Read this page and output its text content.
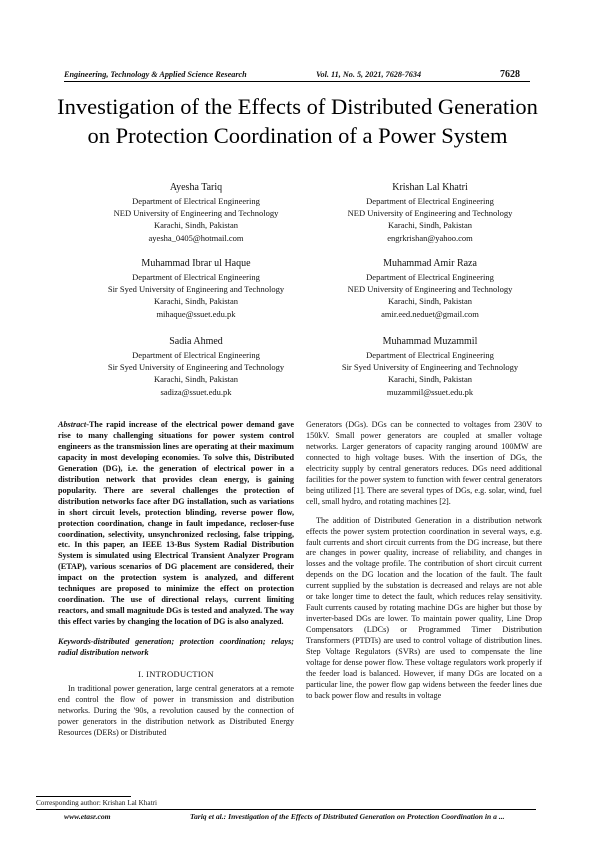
Engineering, Technology & Applied Science Research	Vol. 11, No. 5, 2021, 7628-7634	7628
Investigation of the Effects of Distributed Generation
on Protection Coordination of a Power System
Ayesha Tariq
Department of Electrical Engineering
NED University of Engineering and Technology
Karachi, Sindh, Pakistan
ayesha_0405@hotmail.com
Krishan Lal Khatri
Department of Electrical Engineering
NED University of Engineering and Technology
Karachi, Sindh, Pakistan
engrkrishan@yahoo.com
Muhammad Ibrar ul Haque
Department of Electrical Engineering
Sir Syed University of Engineering and Technology
Karachi, Sindh, Pakistan
mihaque@ssuet.edu.pk
Muhammad Amir Raza
Department of Electrical Engineering
NED University of Engineering and Technology
Karachi, Sindh, Pakistan
amir.eed.neduet@gmail.com
Sadia Ahmed
Department of Electrical Engineering
Sir Syed University of Engineering and Technology
Karachi, Sindh, Pakistan
sadiza@ssuet.edu.pk
Muhammad Muzammil
Department of Electrical Engineering
Sir Syed University of Engineering and Technology
Karachi, Sindh, Pakistan
muzammil@ssuet.edu.pk

Abstract-The rapid increase of the electrical power demand gave rise to many challenging situations for power system control engineers as the transmission lines are operating at their maximum capacity in most developing economies. To solve this, Distributed Generation (DG), i.e. the generation of electrical power in a distribution network that provides clean energy, is gaining popularity. There are several challenges the protection of distribution networks face after DG installation, such as variations in short circuit levels, protection blinding, reverse power flow, protection coordination, change in fault impedance, recloser-fuse coordination, selectivity, unsynchronized reclosing, false tripping, etc. In this paper, an IEEE 13-Bus System Radial Distribution System is simulated using Electrical Transient Analyzer Program (ETAP), various scenarios of DG placement are considered, their impact on the protection system is analyzed, and different techniques are proposed to minimize the effect on protection coordination. The use of directional relays, current limiting reactors, and small magnitude DGs is tested and analyzed. The way this effect varies by changing the location of DG is also analyzed.

Keywords-distributed generation; protection coordination; relays; radial distribution network

I. INTRODUCTION

In traditional power generation, large central generators at a remote end control the flow of power in transmission and distribution networks. During the '90s, a revolution caused by the connection of power generators in the distribution network as Distributed Energy Resources (DERs) or Distributed

Generators (DGs). DGs can be connected to voltages from 230V to 150kV. Small power generators are coupled at smaller voltage networks. Larger generators of capacity ranging around 100MW are connected to high voltage buses. With the insertion of DGs, the electricity supply by central generators reduces. DGs need additional facilities for the power system to function with fewer central generators being utilized [1]. There are several types of DGs, e.g. solar, wind, fuel cell, small hydro, and rotating machines [2].

The addition of Distributed Generation in a distribution network effects the power system protection coordination in several ways, e.g. fault currents and short circuit currents from the DG increase, but there are changes in power quality, increase of reliability, and changes in losses and the voltage profile. The contribution of short circuit current depends on the DG location and the location of the fault. The fault current supplied by the substation is decreased and relays are not able or take longer time to detect the fault, which reduces relay sensitivity. Fault currents caused by rotating machine DGs are higher but those by inverter-based DGs are lower. To maintain power quality, Line Drop Compensators (LDCs) or Programmed Timer Distribution Transformers (PTDTs) are used to control voltage of distribution lines. Step Voltage Regulators (SVRs) are used to compensate the line voltage for dense power flow. These voltage regulators work properly if the feeder load is balanced. However, if many DGs are located on a particular line, the power flow gap widens between the feeder lines due to back power flow and results in voltage

Corresponding author: Krishan Lal Khatri
www.etasr.com	Tariq et al.: Investigation of the Effects of Distributed Generation on Protection Coordination in a ...
